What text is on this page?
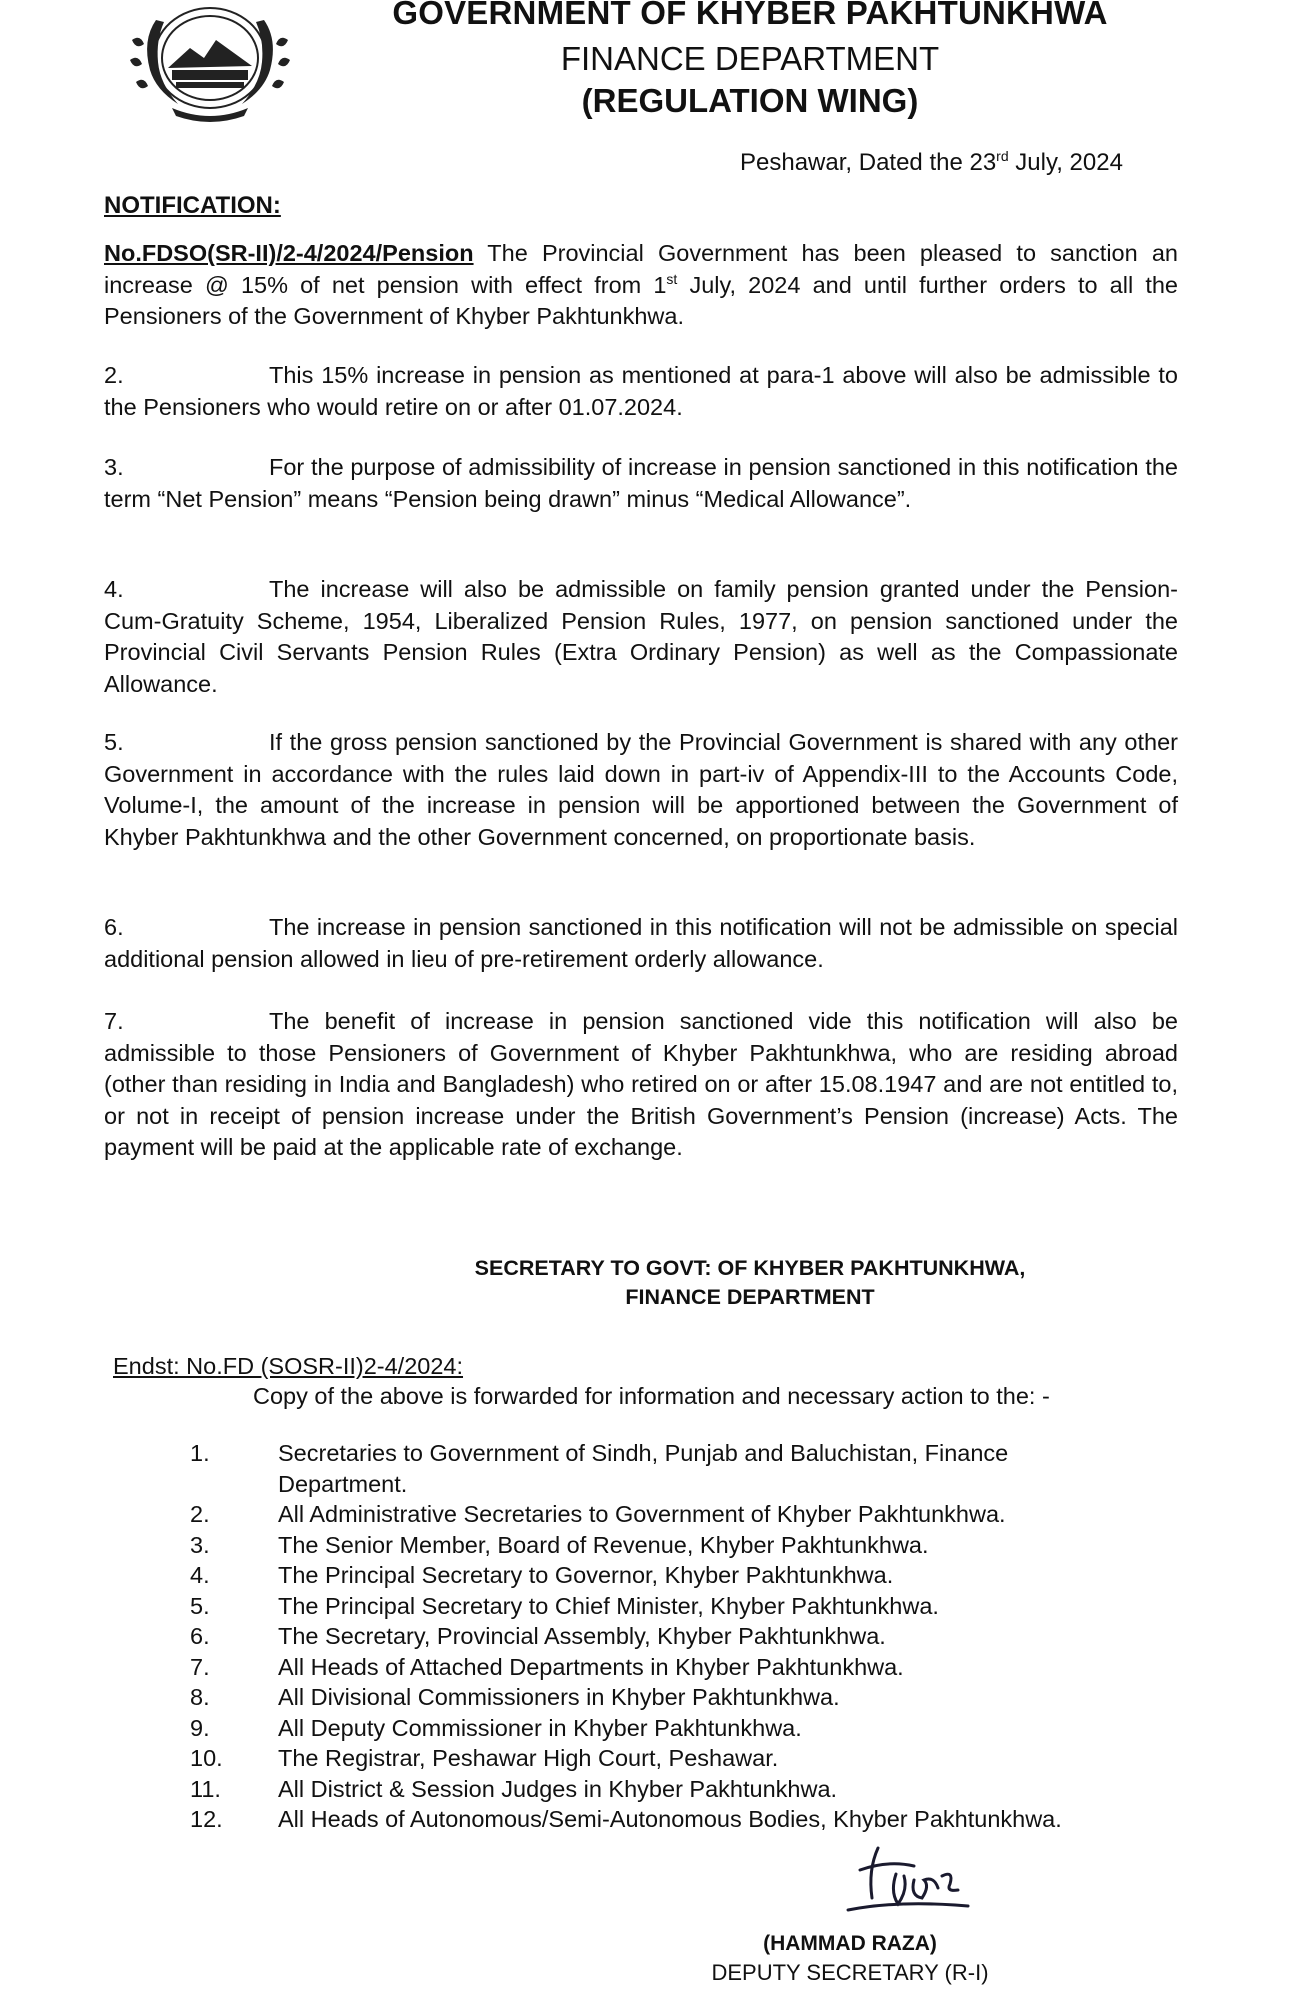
GOVERNMENT OF KHYBER PAKHTUNKHWA
FINANCE DEPARTMENT
(REGULATION WING)
Peshawar, Dated the 23rd July, 2024
NOTIFICATION:
No.FDSO(SR-II)/2-4/2024/Pension The Provincial Government has been pleased to sanction an increase @ 15% of net pension with effect from 1st July, 2024 and until further orders to all the Pensioners of the Government of Khyber Pakhtunkhwa.
2.	This 15% increase in pension as mentioned at para-1 above will also be admissible to the Pensioners who would retire on or after 01.07.2024.
3.	For the purpose of admissibility of increase in pension sanctioned in this notification the term “Net Pension” means “Pension being drawn” minus “Medical Allowance”.
4.	The increase will also be admissible on family pension granted under the Pension-Cum-Gratuity Scheme, 1954, Liberalized Pension Rules, 1977, on pension sanctioned under the Provincial Civil Servants Pension Rules (Extra Ordinary Pension) as well as the Compassionate Allowance.
5.	If the gross pension sanctioned by the Provincial Government is shared with any other Government in accordance with the rules laid down in part-iv of Appendix-III to the Accounts Code, Volume-I, the amount of the increase in pension will be apportioned between the Government of Khyber Pakhtunkhwa and the other Government concerned, on proportionate basis.
6.	The increase in pension sanctioned in this notification will not be admissible on special additional pension allowed in lieu of pre-retirement orderly allowance.
7.	The benefit of increase in pension sanctioned vide this notification will also be admissible to those Pensioners of Government of Khyber Pakhtunkhwa, who are residing abroad (other than residing in India and Bangladesh) who retired on or after 15.08.1947 and are not entitled to, or not in receipt of pension increase under the British Government’s Pension (increase) Acts. The payment will be paid at the applicable rate of exchange.
SECRETARY TO GOVT: OF KHYBER PAKHTUNKHWA,
FINANCE DEPARTMENT
Endst: No.FD (SOSR-II)2-4/2024:
Copy of the above is forwarded for information and necessary action to the: -
1.	Secretaries to Government of Sindh, Punjab and Baluchistan, Finance Department.
2.	All Administrative Secretaries to Government of Khyber Pakhtunkhwa.
3.	The Senior Member, Board of Revenue, Khyber Pakhtunkhwa.
4.	The Principal Secretary to Governor, Khyber Pakhtunkhwa.
5.	The Principal Secretary to Chief Minister, Khyber Pakhtunkhwa.
6.	The Secretary, Provincial Assembly, Khyber Pakhtunkhwa.
7.	All Heads of Attached Departments in Khyber Pakhtunkhwa.
8.	All Divisional Commissioners in Khyber Pakhtunkhwa.
9.	All Deputy Commissioner in Khyber Pakhtunkhwa.
10.	The Registrar, Peshawar High Court, Peshawar.
11.	All District & Session Judges in Khyber Pakhtunkhwa.
12.	All Heads of Autonomous/Semi-Autonomous Bodies, Khyber Pakhtunkhwa.
(HAMMAD RAZA)
DEPUTY SECRETARY (R-I)
